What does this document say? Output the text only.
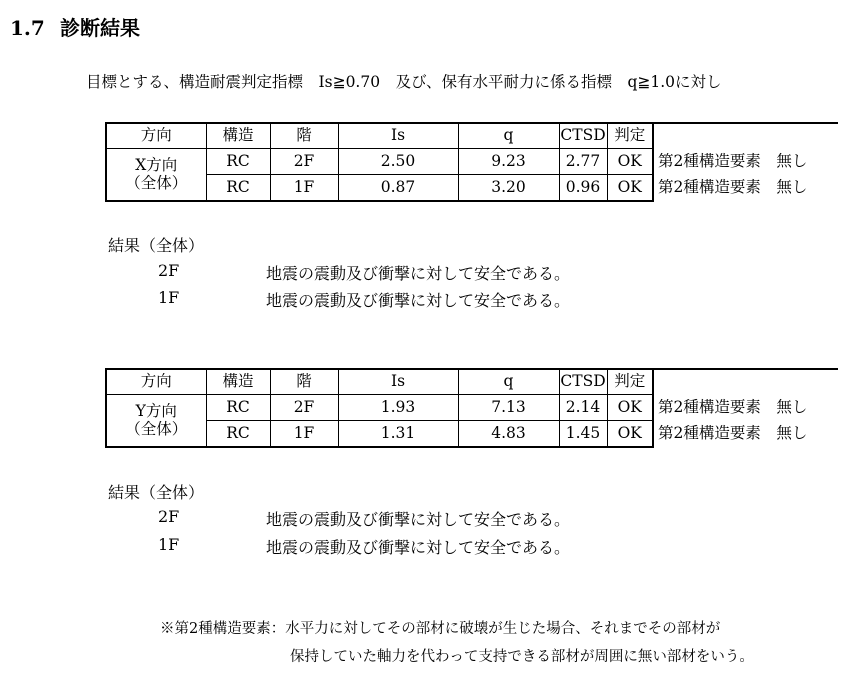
1.7 診断結果
目標とする、構造耐震判定指標　Is≧0.70　及び、保有水平耐力に係る指標　q≧1.0に対し
方向	構造	階	Is	q	CTSD	判定	

X方向
（全体）	RC	2F	2.50	9.23	2.77	OK	第2種構造要素　無し
	RC	1F	0.87	3.20	0.96	OK	第2種構造要素　無し
結果（全体）
2F	地震の震動及び衝撃に対して安全である。
1F	地震の震動及び衝撃に対して安全である。
方向	構造	階	Is	q	CTSD	判定	

Y方向
（全体）	RC	2F	1.93	7.13	2.14	OK	第2種構造要素　無し
	RC	1F	1.31	4.83	1.45	OK	第2種構造要素　無し
結果（全体）
2F	地震の震動及び衝撃に対して安全である。
1F	地震の震動及び衝撃に対して安全である。
※第2種構造要素：水平力に対してその部材に破壊が生じた場合、それまでその部材が
保持していた軸力を代わって支持できる部材が周囲に無い部材をいう。
